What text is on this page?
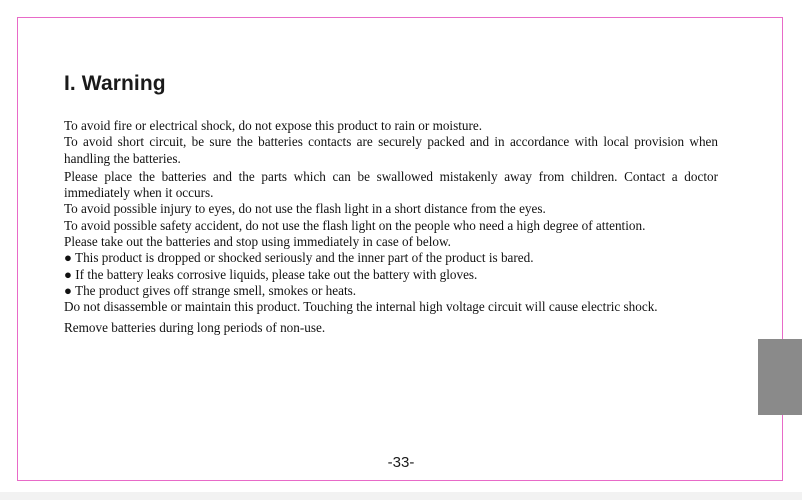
I. Warning

To avoid fire or electrical shock, do not expose this product to rain or moisture.

To avoid short circuit, be sure the batteries contacts are securely packed and in accordance with local provision when handling the batteries.

Please place the batteries and the parts which can be swallowed mistakenly away from children. Contact a doctor immediately when it occurs.

To avoid possible injury to eyes, do not use the flash light in a short distance from the eyes.

To avoid possible safety accident, do not use the flash light on the people who need a high degree of attention.

Please take out the batteries and stop using immediately in case of below.

● This product is dropped or shocked seriously and the inner part of the product is bared.

● If the battery leaks corrosive liquids, please take out the battery with gloves.

● The product gives off strange smell, smokes or heats.

Do not disassemble or maintain this product. Touching the internal high voltage circuit will cause electric shock.

Remove batteries during long periods of non-use.

-33-
